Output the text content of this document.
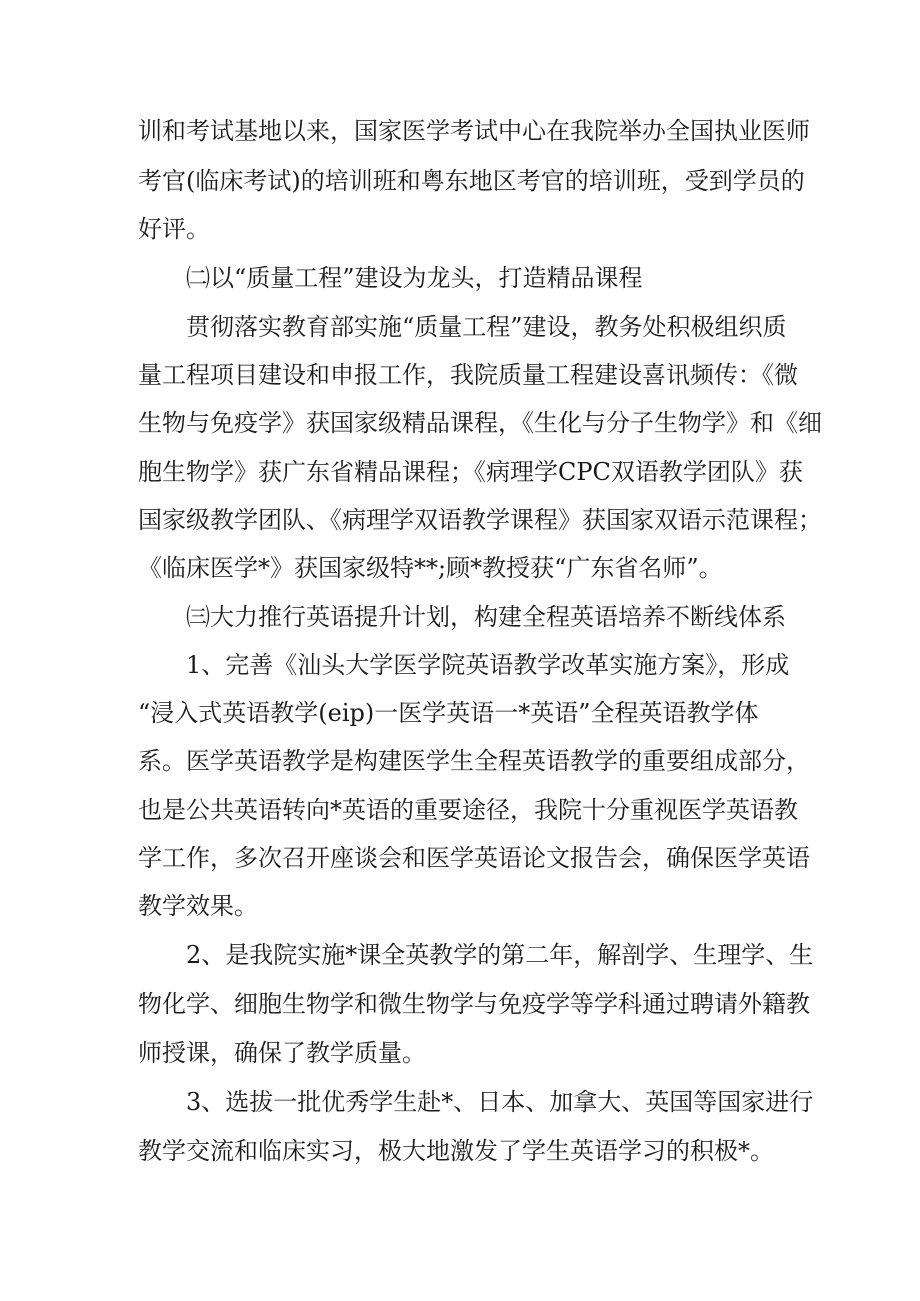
训和考试基地以来，国家医学考试中心在我院举办全国执业医师
考官(临床考试)的培训班和粤东地区考官的培训班，受到学员的
好评。
㈡以“质量工程”建设为龙头，打造精品课程
贯彻落实教育部实施“质量工程”建设，教务处积极组织质
量工程项目建设和申报工作，我院质量工程建设喜讯频传：《微
生物与免疫学》获国家级精品课程，《生化与分子生物学》和《细
胞生物学》获广东省精品课程；《病理学CPC双语教学团队》获
国家级教学团队、《病理学双语教学课程》获国家双语示范课程；
《临床医学*》获国家级特**;顾*教授获“广东省名师”。
㈢大力推行英语提升计划，构建全程英语培养不断线体系
1、完善《汕头大学医学院英语教学改革实施方案》，形成
“浸入式英语教学(eip)一医学英语一*英语”全程英语教学体
系。医学英语教学是构建医学生全程英语教学的重要组成部分，
也是公共英语转向*英语的重要途径，我院十分重视医学英语教
学工作，多次召开座谈会和医学英语论文报告会，确保医学英语
教学效果。
2、是我院实施*课全英教学的第二年，解剖学、生理学、生
物化学、细胞生物学和微生物学与免疫学等学科通过聘请外籍教
师授课，确保了教学质量。
3、选拔一批优秀学生赴*、日本、加拿大、英国等国家进行
教学交流和临床实习，极大地激发了学生英语学习的积极*。
